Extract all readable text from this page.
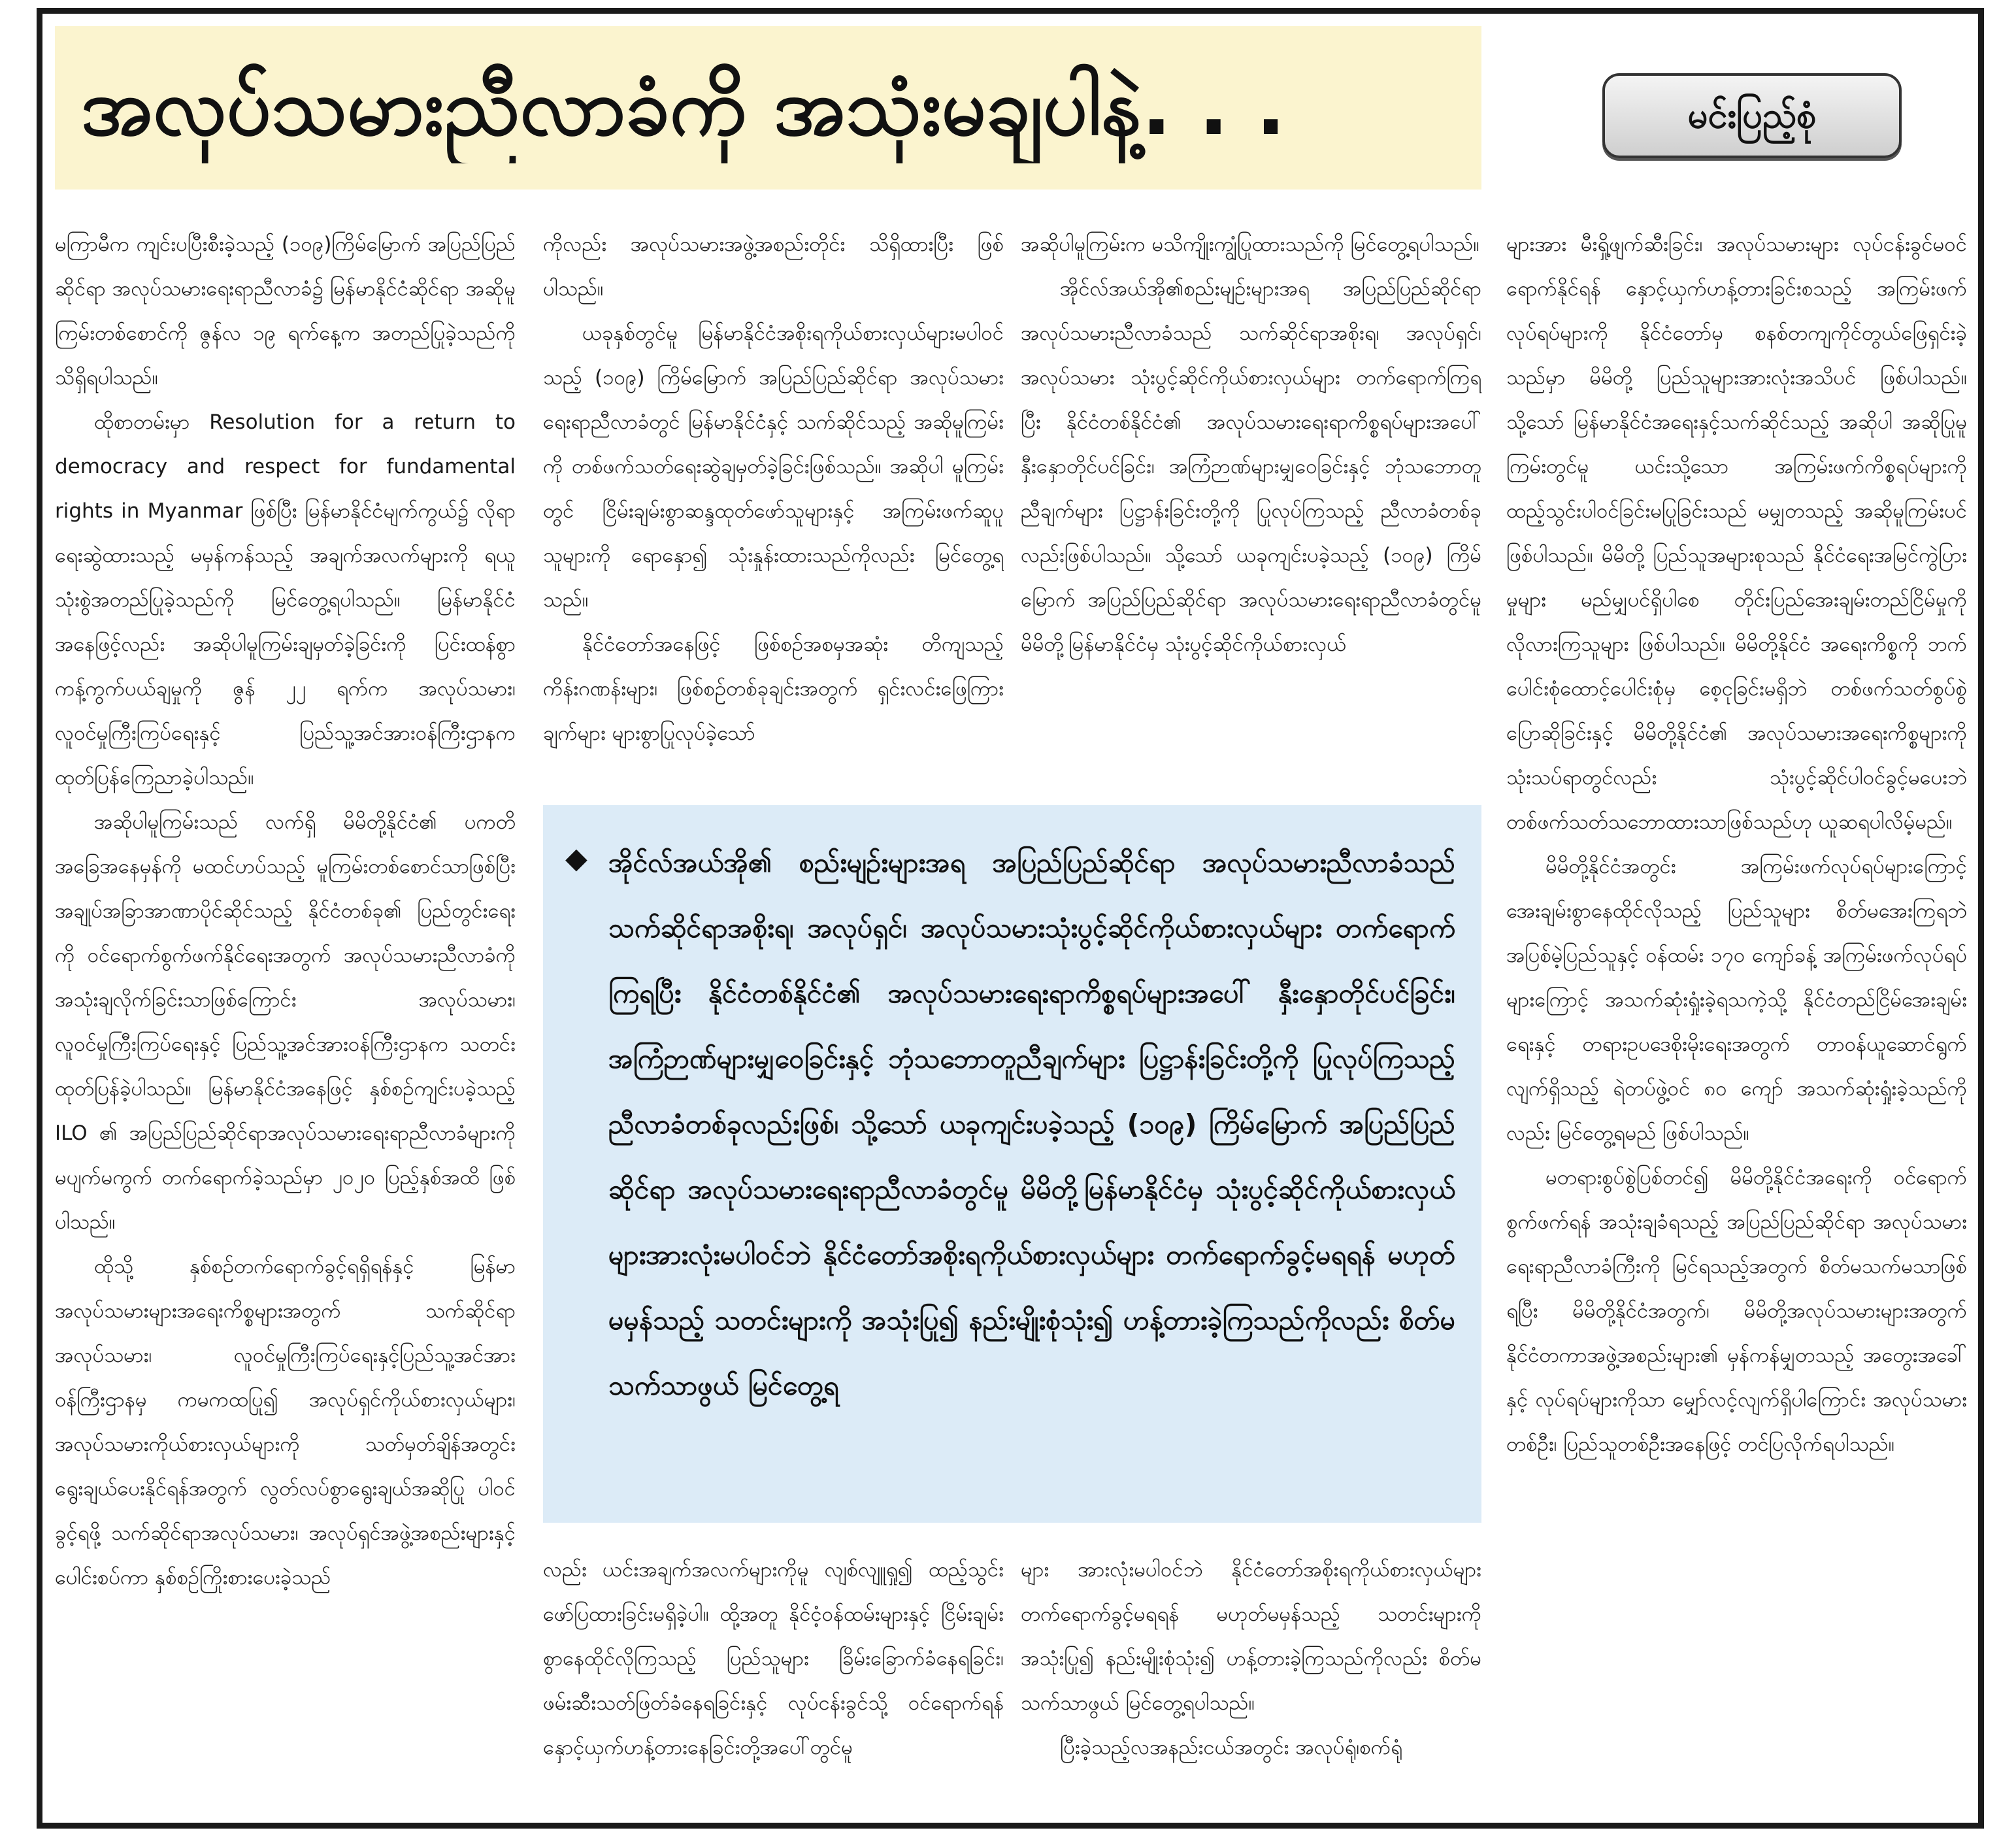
အလုပ်သမားညီလာခံကို အသုံးမချပါနဲ့. . .	မင်းပြည့်စုံ

မကြာမီက ကျင်းပပြီးစီးခဲ့သည့် (၁၀၉)ကြိမ်မြောက် အပြည်ပြည်ဆိုင်ရာ အလုပ်သမားရေးရာညီလာခံ၌ မြန်မာနိုင်ငံဆိုင်ရာ အဆိုမူကြမ်းတစ်စောင်ကို ဇွန်လ ၁၉ ရက်နေ့က အတည်ပြုခဲ့သည်ကို သိရှိရပါသည်။

ထိုစာတမ်းမှာ Resolution for a return to democracy and respect for fundamental rights in Myanmar ဖြစ်ပြီး မြန်မာနိုင်ငံမျက်ကွယ်၌ လိုရာရေးဆွဲထားသည့် မမှန်ကန်သည့် အချက်အလက်များကို ရယူသုံးစွဲအတည်ပြုခဲ့သည်ကို မြင်တွေ့ရပါသည်။ မြန်မာနိုင်ငံအနေဖြင့်လည်း အဆိုပါမူကြမ်းချမှတ်ခဲ့ခြင်းကို ပြင်းထန်စွာ ကန့်ကွက်ပယ်ချမှုကို ဇွန် ၂၂ ရက်က အလုပ်သမား၊ လူဝင်မှုကြီးကြပ်ရေးနှင့် ပြည်သူ့အင်အားဝန်ကြီးဌာနက ထုတ်ပြန်ကြေညာခဲ့ပါသည်။

အဆိုပါမူကြမ်းသည် လက်ရှိ မိမိတို့နိုင်ငံ၏ ပကတိအခြေအနေမှန်ကို မထင်ဟပ်သည့် မူကြမ်းတစ်စောင်သာဖြစ်ပြီး အချုပ်အခြာအာဏာပိုင်ဆိုင်သည့် နိုင်ငံတစ်ခု၏ ပြည်တွင်းရေးကို ဝင်ရောက်စွက်ဖက်နိုင်ရေးအတွက် အလုပ်သမားညီလာခံကို အသုံးချလိုက်ခြင်းသာဖြစ်ကြောင်း အလုပ်သမား၊ လူဝင်မှုကြီးကြပ်ရေးနှင့် ပြည်သူ့အင်အားဝန်ကြီးဌာနက သတင်းထုတ်ပြန်ခဲ့ပါသည်။ မြန်မာနိုင်ငံအနေဖြင့် နှစ်စဉ်ကျင်းပခဲ့သည့် ILO ၏ အပြည်ပြည်ဆိုင်ရာအလုပ်သမားရေးရာညီလာခံများကို မပျက်မကွက် တက်ရောက်ခဲ့သည်မှာ ၂၀၂၀ ပြည့်နှစ်အထိ ဖြစ်ပါသည်။

ထိုသို့ နှစ်စဉ်တက်ရောက်ခွင့်ရရှိရန်နှင့် မြန်မာ အလုပ်သမားများအရေးကိစ္စများအတွက် သက်ဆိုင်ရာ အလုပ်သမား၊ လူဝင်မှုကြီးကြပ်ရေးနှင့်ပြည်သူ့အင်အားဝန်ကြီးဌာနမှ ကမကထပြု၍ အလုပ်ရှင်ကိုယ်စားလှယ်များ၊ အလုပ်သမားကိုယ်စားလှယ်များကို သတ်မှတ်ချိန်အတွင်း ရွေးချယ်ပေးနိုင်ရန်အတွက် လွတ်လပ်စွာရွေးချယ်အဆိုပြု ပါဝင်ခွင့်ရဖို့ သက်ဆိုင်ရာအလုပ်သမား၊ အလုပ်ရှင်အဖွဲ့အစည်းများနှင့်ပေါင်းစပ်ကာ နှစ်စဉ်ကြိုးစားပေးခဲ့သည်

ကိုလည်း အလုပ်သမားအဖွဲ့အစည်းတိုင်း သိရှိထားပြီး ဖြစ်ပါသည်။

ယခုနှစ်တွင်မူ မြန်မာနိုင်ငံအစိုးရကိုယ်စားလှယ်များမပါဝင်သည့် (၁၀၉) ကြိမ်မြောက် အပြည်ပြည်ဆိုင်ရာ အလုပ်သမားရေးရာညီလာခံတွင် မြန်မာနိုင်ငံနှင့် သက်ဆိုင်သည့် အဆိုမူကြမ်းကို တစ်ဖက်သတ်ရေးဆွဲချမှတ်ခဲ့ခြင်းဖြစ်သည်။ အဆိုပါ မူကြမ်းတွင် ငြိမ်းချမ်းစွာဆန္ဒထုတ်ဖော်သူများနှင့် အကြမ်းဖက်ဆူပူသူများကို ရောနှော၍ သုံးနှုန်းထားသည်ကိုလည်း မြင်တွေ့ရသည်။

နိုင်ငံတော်အနေဖြင့် ဖြစ်စဉ်အစမှအဆုံး တိကျသည့် ကိန်းဂဏန်းများ၊ ဖြစ်စဉ်တစ်ခုချင်းအတွက် ရှင်းလင်းဖြေကြားချက်များ များစွာပြုလုပ်ခဲ့သော်

အဆိုပါမူကြမ်းက မသိကျိုးကျွံပြုထားသည်ကို မြင်တွေ့ရပါသည်။

အိုင်လ်အယ်အို၏စည်းမျဉ်းများအရ အပြည်ပြည်ဆိုင်ရာ အလုပ်သမားညီလာခံသည် သက်ဆိုင်ရာအစိုးရ၊ အလုပ်ရှင်၊ အလုပ်သမား သုံးပွင့်ဆိုင်ကိုယ်စားလှယ်များ တက်ရောက်ကြရပြီး နိုင်ငံတစ်နိုင်ငံ၏ အလုပ်သမားရေးရာကိစ္စရပ်များအပေါ် နှီးနှောတိုင်ပင်ခြင်း၊ အကြံဉာဏ်များမျှဝေခြင်းနှင့် ဘုံသဘောတူညီချက်များ ပြဋ္ဌာန်းခြင်းတို့ကို ပြုလုပ်ကြသည့် ညီလာခံတစ်ခုလည်းဖြစ်ပါသည်။ သို့သော် ယခုကျင်းပခဲ့သည့် (၁၀၉) ကြိမ်မြောက် အပြည်ပြည်ဆိုင်ရာ အလုပ်သမားရေးရာညီလာခံတွင်မူ မိမိတို့မြန်မာနိုင်ငံမှ သုံးပွင့်ဆိုင်ကိုယ်စားလှယ်

များအား မီးရှို့ဖျက်ဆီးခြင်း၊ အလုပ်သမားများ လုပ်ငန်းခွင်မဝင်ရောက်နိုင်ရန် နှောင့်ယှက်ဟန့်တားခြင်းစသည့် အကြမ်းဖက်လုပ်ရပ်များကို နိုင်ငံတော်မှ စနစ်တကျကိုင်တွယ်ဖြေရှင်းခဲ့သည်မှာ မိမိတို့ ပြည်သူများအားလုံးအသိပင် ဖြစ်ပါသည်။ သို့သော် မြန်မာနိုင်ငံအရေးနှင့်သက်ဆိုင်သည့် အဆိုပါ အဆိုပြုမူကြမ်းတွင်မူ ယင်းသို့သော အကြမ်းဖက်ကိစ္စရပ်များကို ထည့်သွင်းပါဝင်ခြင်းမပြုခြင်းသည် မမျှတသည့် အဆိုမူကြမ်းပင်ဖြစ်ပါသည်။ မိမိတို့ ပြည်သူအများစုသည် နိုင်ငံရေးအမြင်ကွဲပြားမှုများ မည်မျှပင်ရှိပါစေ တိုင်းပြည်အေးချမ်းတည်ငြိမ်မှုကို လိုလားကြသူများ ဖြစ်ပါသည်။ မိမိတို့နိုင်ငံ အရေးကိစ္စကို ဘက်ပေါင်းစုံထောင့်ပေါင်းစုံမှ စေ့ငုခြင်းမရှိဘဲ တစ်ဖက်သတ်စွပ်စွဲပြောဆိုခြင်းနှင့် မိမိတို့နိုင်ငံ၏ အလုပ်သမားအရေးကိစ္စများကို သုံးသပ်ရာတွင်လည်း သုံးပွင့်ဆိုင်ပါဝင်ခွင့်မပေးဘဲ တစ်ဖက်သတ်သဘောထားသာဖြစ်သည်ဟု ယူဆရပါလိမ့်မည်။

မိမိတို့နိုင်ငံအတွင်း အကြမ်းဖက်လုပ်ရပ်များကြောင့် အေးချမ်းစွာနေထိုင်လိုသည့် ပြည်သူများ စိတ်မအေးကြရဘဲ အပြစ်မဲ့ပြည်သူနှင့် ဝန်ထမ်း ၁၇ဝ ကျော်ခန့် အကြမ်းဖက်လုပ်ရပ်များကြောင့် အသက်ဆုံးရှုံးခဲ့ရသကဲ့သို့ နိုင်ငံတည်ငြိမ်အေးချမ်းရေးနှင့် တရားဥပဒေစိုးမိုးရေးအတွက် တာဝန်ယူဆောင်ရွက်လျက်ရှိသည့် ရဲတပ်ဖွဲ့ဝင် ၈၀ ကျော် အသက်ဆုံးရှုံးခဲ့သည်ကိုလည်း မြင်တွေ့ရမည် ဖြစ်ပါသည်။

မတရားစွပ်စွဲပြစ်တင်၍ မိမိတို့နိုင်ငံအရေးကို ဝင်ရောက်စွက်ဖက်ရန် အသုံးချခံရသည့် အပြည်ပြည်ဆိုင်ရာ အလုပ်သမားရေးရာညီလာခံကြီးကို မြင်ရသည့်အတွက် စိတ်မသက်မသာဖြစ်ရပြီး မိမိတို့နိုင်ငံအတွက်၊ မိမိတို့အလုပ်သမားများအတွက် နိုင်ငံတကာအဖွဲ့အစည်းများ၏ မှန်ကန်မျှတသည့် အတွေးအခေါ်နှင့် လုပ်ရပ်များကိုသာ မျှော်လင့်လျက်ရှိပါကြောင်း အလုပ်သမားတစ်ဦး၊ ပြည်သူတစ်ဦးအနေဖြင့် တင်ပြလိုက်ရပါသည်။

◆ အိုင်လ်အယ်အို၏ စည်းမျဉ်းများအရ အပြည်ပြည်ဆိုင်ရာ အလုပ်သမားညီလာခံသည် သက်ဆိုင်ရာအစိုးရ၊ အလုပ်ရှင်၊ အလုပ်သမားသုံးပွင့်ဆိုင်ကိုယ်စားလှယ်များ တက်ရောက်ကြရပြီး နိုင်ငံတစ်နိုင်ငံ၏ အလုပ်သမားရေးရာကိစ္စရပ်များအပေါ် နှီးနှောတိုင်ပင်ခြင်း၊ အကြံဉာဏ်များမျှဝေခြင်းနှင့် ဘုံသဘောတူညီချက်များ ပြဋ္ဌာန်းခြင်းတို့ကို ပြုလုပ်ကြသည့် ညီလာခံတစ်ခုလည်းဖြစ်၊ သို့သော် ယခုကျင်းပခဲ့သည့် (၁၀၉) ကြိမ်မြောက် အပြည်ပြည်ဆိုင်ရာ အလုပ်သမားရေးရာညီလာခံတွင်မူ မိမိတို့မြန်မာနိုင်ငံမှ သုံးပွင့်ဆိုင်ကိုယ်စားလှယ်များအားလုံးမပါဝင်ဘဲ နိုင်ငံတော်အစိုးရကိုယ်စားလှယ်များ တက်ရောက်ခွင့်မရရန် မဟုတ်မမှန်သည့် သတင်းများကို အသုံးပြု၍ နည်းမျိုးစုံသုံး၍ ဟန့်တားခဲ့ကြသည်ကိုလည်း စိတ်မသက်သာဖွယ် မြင်တွေ့ရ

လည်း ယင်းအချက်အလက်များကိုမူ လျစ်လျူရှု၍ ထည့်သွင်းဖော်ပြထားခြင်းမရှိခဲ့ပါ။ ထို့အတူ နိုင်ငံ့ဝန်ထမ်းများနှင့် ငြိမ်းချမ်းစွာနေထိုင်လိုကြသည့် ပြည်သူများ ခြိမ်းခြောက်ခံနေရခြင်း၊ ဖမ်းဆီးသတ်ဖြတ်ခံနေရခြင်းနှင့် လုပ်ငန်းခွင်သို့ ဝင်ရောက်ရန် နှောင့်ယှက်ဟန့်တားနေခြင်းတို့အပေါ်တွင်မူ

များ အားလုံးမပါဝင်ဘဲ နိုင်ငံတော်အစိုးရကိုယ်စားလှယ်များ တက်ရောက်ခွင့်မရရန် မဟုတ်မမှန်သည့် သတင်းများကို အသုံးပြု၍ နည်းမျိုးစုံသုံး၍ ဟန့်တားခဲ့ကြသည်ကိုလည်း စိတ်မသက်သာဖွယ် မြင်တွေ့ရပါသည်။

ပြီးခဲ့သည့်လအနည်းငယ်အတွင်း အလုပ်ရုံ၊စက်ရုံ
